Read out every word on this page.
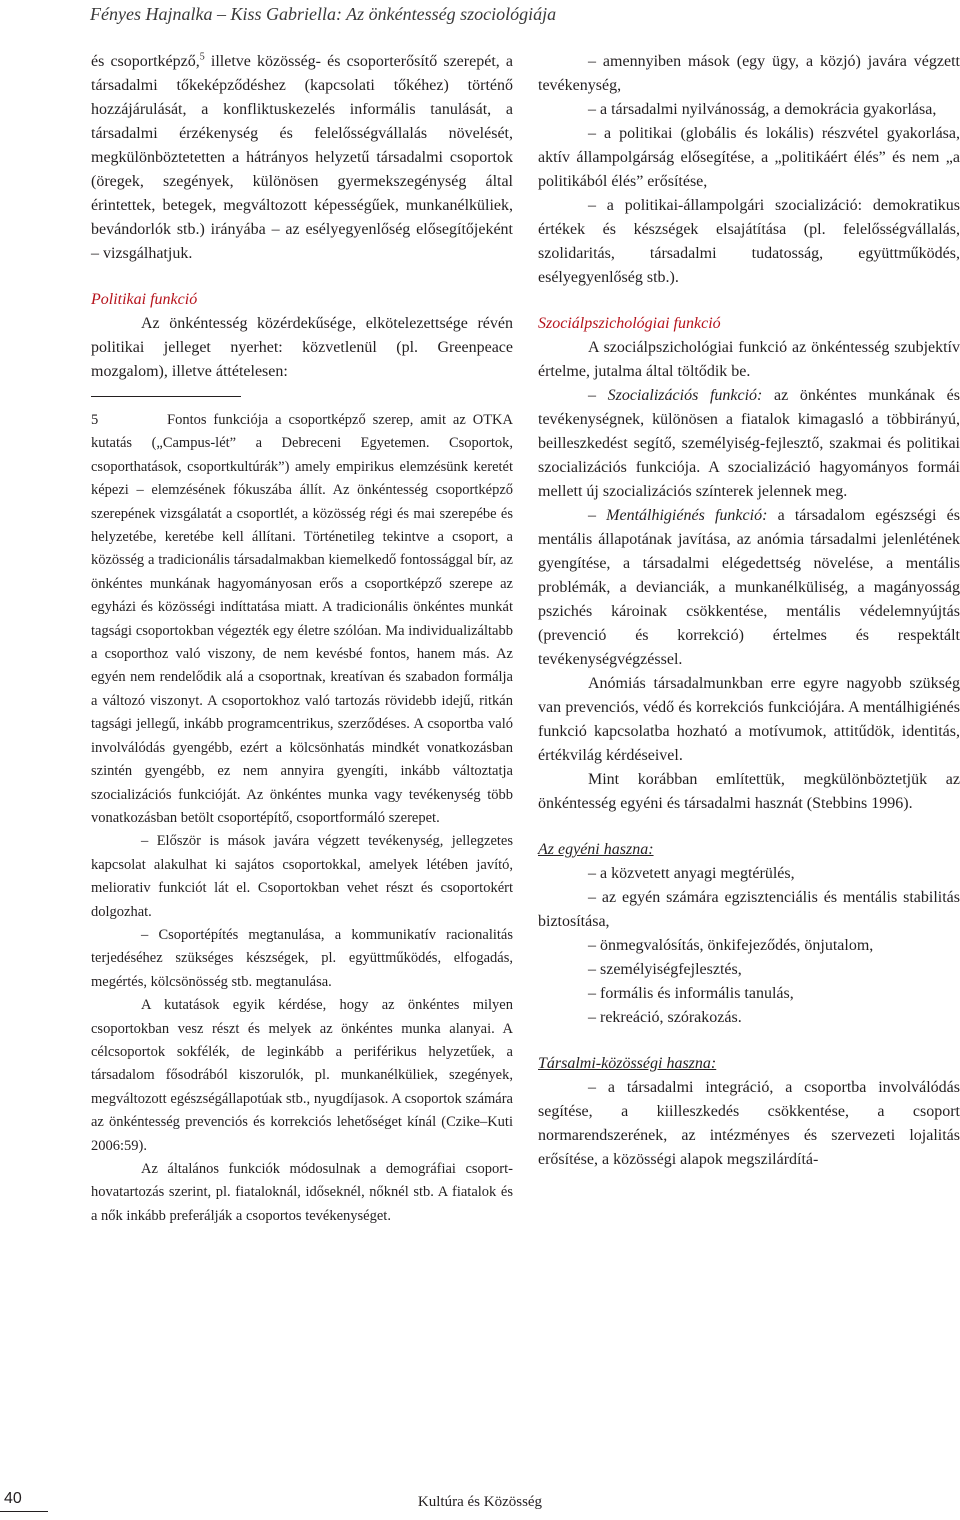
Fényes Hajnalka – Kiss Gabriella: Az önkéntesség szociológiája

és csoportképző,$^5$ illetve közösség- és csoporterősítő szerepét, a társadalmi tőkeképződéshez (kapcsolati tőkéhez) történő hozzájárulását, a konfliktuskezelés informális tanulását, a társadalmi érzékenység és felelősségvállalás növelését, megkülönböztetetten a hátrányos helyzetű társadalmi csoportok (öregek, szegények, különösen gyermekszegénység által érintettek, betegek, megváltozott képességűek, munkanélküliek, bevándorlók stb.) irányába – az esélyegyenlőség elősegítőjeként – vizsgálhatjuk.

Politikai funkció

Az önkéntesség közérdekűsége, elkötelezettsége révén politikai jelleget nyerhet: közvetlenül (pl. Greenpeace mozgalom), illetve áttételesen:

5	Fontos funkciója a csoportképző szerep, amit az OTKA kutatás („Campus-lét” a Debreceni Egyetemen. Csoportok, csoporthatások, csoportkultúrák”) amely empirikus elemzésünk keretét képezi – elemzésének fókuszába állít. Az önkéntesség csoportképző szerepének vizsgálatát a csoportlét, a közösség régi és mai szerepébe és helyzetébe, keretébe kell állítani. Történetileg tekintve a csoport, a közösség a tradicionális társadalmakban kiemelkedő fontossággal bír, az önkéntes munkának hagyományosan erős a csoportképző szerepe az egyházi és közösségi indíttatása miatt. A tradicionális önkéntes munkát tagsági csoportokban végezték egy életre szólóan. Ma individualizáltabb a csoporthoz való viszony, de nem kevésbé fontos, hanem más. Az egyén nem rendelődik alá a csoportnak, kreatívan és szabadon formálja a változó viszonyt. A csoportokhoz való tartozás rövidebb idejű, ritkán tagsági jellegű, inkább programcentrikus, szerződéses. A csoportba való involválódás gyengébb, ezért a kölcsönhatás mindkét vonatkozásban szintén gyengébb, ez nem annyira gyengíti, inkább változtatja szocializációs funkcióját. Az önkéntes munka vagy tevékenység több vonatkozásban betölt csoportépítő, csoportformáló szerepet.

– Először is mások javára végzett tevékenység, jellegzetes kapcsolat alakulhat ki sajátos csoportokkal, amelyek létében javító, meliorativ funkciót lát el. Csoportokban vehet részt és csoportokért dolgozhat.

– Csoportépítés megtanulása, a kommunikatív racionalitás terjedéséhez szükséges készségek, pl. együttműködés, elfogadás, megértés, kölcsönösség stb. megtanulása.

A kutatások egyik kérdése, hogy az önkéntes milyen csoportokban vesz részt és melyek az önkéntes munka alanyai. A célcsoportok sokfélék, de leginkább a periférikus helyzetűek, a társadalom fősodrából kiszorulók, pl. munkanélküliek, szegények, megváltozott egészségállapotúak stb., nyugdíjasok. A csoportok számára az önkéntesség prevenciós és korrekciós lehetőséget kínál (Czike–Kuti 2006:59).

Az általános funkciók módosulnak a demográfiai csoport-hovatartozás szerint, pl. fiataloknál, időseknél, nőknél stb. A fiatalok és a nők inkább preferálják a csoportos tevékenységet.

– amennyiben mások (egy ügy, a közjó) javára végzett tevékenység,

– a társadalmi nyilvánosság, a demokrácia gyakorlása,

– a politikai (globális és lokális) részvétel gyakorlása, aktív állampolgárság elősegítése, a „politikáért élés” és nem „a politikából élés” erősítése,

– a politikai-állampolgári szocializáció: demokratikus értékek és készségek elsajátítása (pl. felelősségvállalás, szolidaritás, társadalmi tudatosság, együttműködés, esélyegyenlőség stb.).

Szociálpszichológiai funkció

A szociálpszichológiai funkció az önkéntesség szubjektív értelme, jutalma által töltődik be.

– Szocializációs funkció: az önkéntes munkának és tevékenységnek, különösen a fiatalok kimagasló a többirányú, beilleszkedést segítő, személyiség-fejlesztő, szakmai és politikai szocializációs funkciója. A szocializáció hagyományos formái mellett új szocializációs színterek jelennek meg.

– Mentálhigiénés funkció: a társadalom egészségi és mentális állapotának javítása, az anómia társadalmi jelenlétének gyengítése, a társadalmi elégedettség növelése, a mentális problémák, a devianciák, a munkanélküliség, a magányosság pszichés károinak csökkentése, mentális védelemnyújtás (prevenció és korrekció) értelmes és respektált tevékenységvégzéssel.

Anómiás társadalmunkban erre egyre nagyobb szükség van prevenciós, védő és korrekciós funkciójára. A mentálhigiénés funkció kapcsolatba hozható a motívumok, attitűdök, identitás, értékvilág kérdéseivel.

Mint korábban említettük, megkülönböztetjük az önkéntesség egyéni és társadalmi hasznát (Stebbins 1996).

Az egyéni haszna:

– a közvetett anyagi megtérülés,

– az egyén számára egzisztenciális és mentális stabilitás biztosítása,

– önmegvalósítás, önkifejeződés, önjutalom,

– személyiségfejlesztés,

– formális és informális tanulás,

– rekreáció, szórakozás.

Társalmi-közösségi haszna:

– a társadalmi integráció, a csoportba involválódás segítése, a kiilleszkedés csökkentése, a csoport normarendszerének, az intézményes és szervezeti lojalitás erősítése, a közösségi alapok megszilárdítá-

40	Kultúra és Közösség
